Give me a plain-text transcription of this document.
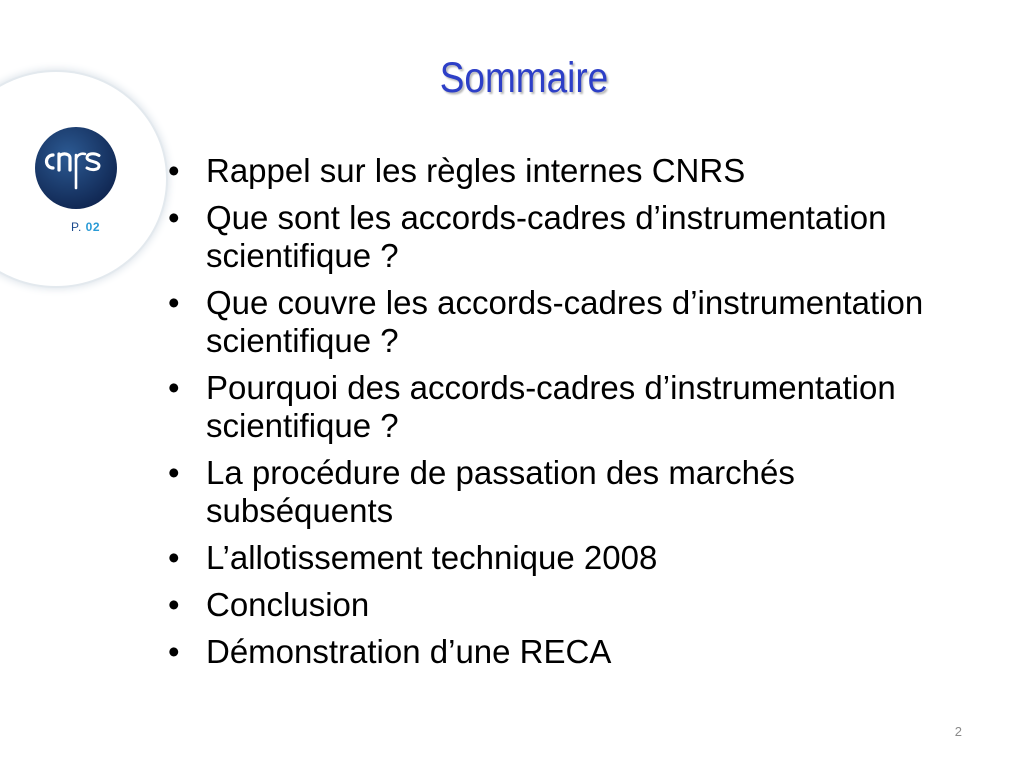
P. 02
Sommaire
• Rappel sur les règles internes CNRS
• Que sont les accords-cadres d’instrumentation scientifique ?
• Que couvre les accords-cadres d’instrumentation scientifique ?
• Pourquoi des accords-cadres d’instrumentation scientifique ?
• La procédure de passation des marchés subséquents
• L’allotissement technique 2008
• Conclusion
• Démonstration d’une RECA
2
